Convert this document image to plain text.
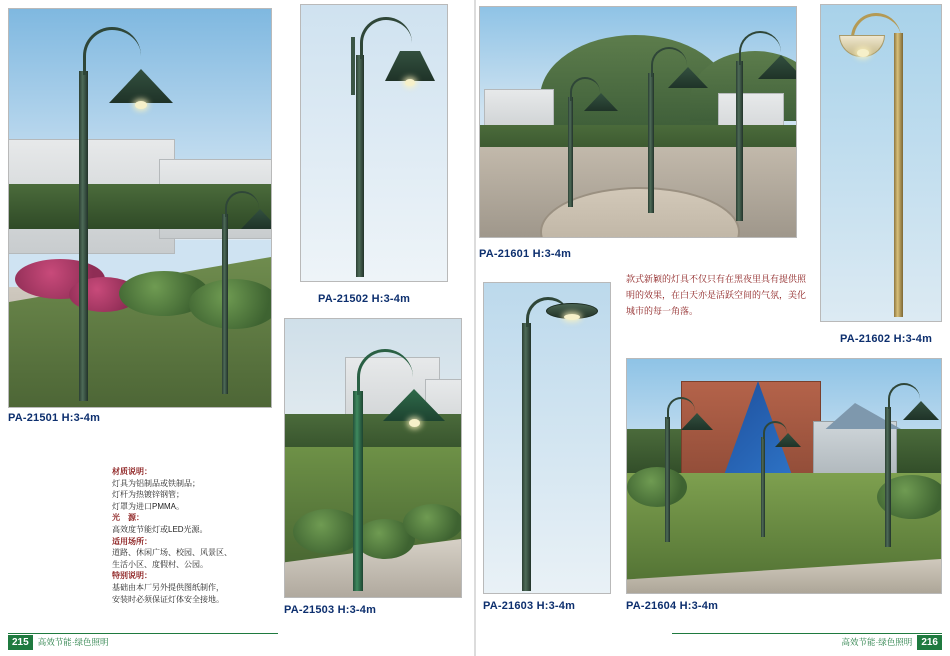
PA-21501 H:3-4m
PA-21502 H:3-4m
PA-21503 H:3-4m
材质说明：
灯具为铝制品或铁制品；
灯杆为热镀锌钢管；
灯罩为进口PMMA。
光　源：
高效度节能灯或LED光源。
适用场所：
道路、休闲广场、校园、风景区、
生活小区、度假村、公园。
特别说明：
基础由本厂另外提供图纸制作，
安装时必须保证灯体安全接地。
PA-21601 H:3-4m
PA-21602 H:3-4m
款式新颖的灯具不仅只有在黑夜里具有提供照明的效果，在白天亦是活跃空间的气氛，美化城市的每一角落。
PA-21603 H:3-4m	PA-21604 H:3-4m
215	高效节能·绿色照明	高效节能·绿色照明 216
